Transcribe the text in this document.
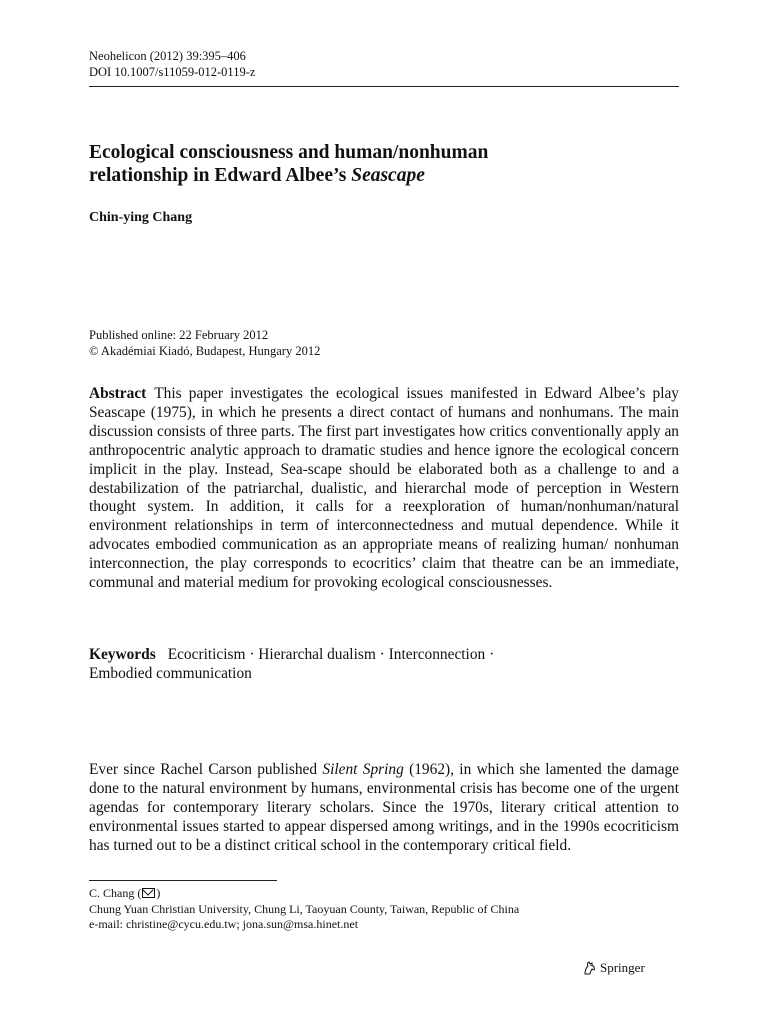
Neohelicon (2012) 39:395–406
DOI 10.1007/s11059-012-0119-z
Ecological consciousness and human/nonhuman
relationship in Edward Albee’s Seascape
Chin-ying Chang
Published online: 22 February 2012
© Akadémiai Kiadó, Budapest, Hungary 2012

Abstract This paper investigates the ecological issues manifested in Edward Albee’s play Seascape (1975), in which he presents a direct contact of humans and nonhumans. The main discussion consists of three parts. The first part investigates how critics conventionally apply an anthropocentric analytic approach to dramatic studies and hence ignore the ecological concern implicit in the play. Instead, Sea-scape should be elaborated both as a challenge to and a destabilization of the patriarchal, dualistic, and hierarchal mode of perception in Western thought system. In addition, it calls for a reexploration of human/nonhuman/natural environment relationships in term of interconnectedness and mutual dependence. While it advocates embodied communication as an appropriate means of realizing human/ nonhuman interconnection, the play corresponds to ecocritics’ claim that theatre can be an immediate, communal and material medium for provoking ecological consciousnesses.

Keywords Ecocriticism · Hierarchal dualism · Interconnection ·
Embodied communication

Ever since Rachel Carson published Silent Spring (1962), in which she lamented the damage done to the natural environment by humans, environmental crisis has become one of the urgent agendas for contemporary literary scholars. Since the 1970s, literary critical attention to environmental issues started to appear dispersed among writings, and in the 1990s ecocriticism has turned out to be a distinct critical school in the contemporary critical field.

C. Chang ( )
Chung Yuan Christian University, Chung Li, Taoyuan County, Taiwan, Republic of China
e-mail: christine@cycu.edu.tw; jona.sun@msa.hinet.net
Springer
